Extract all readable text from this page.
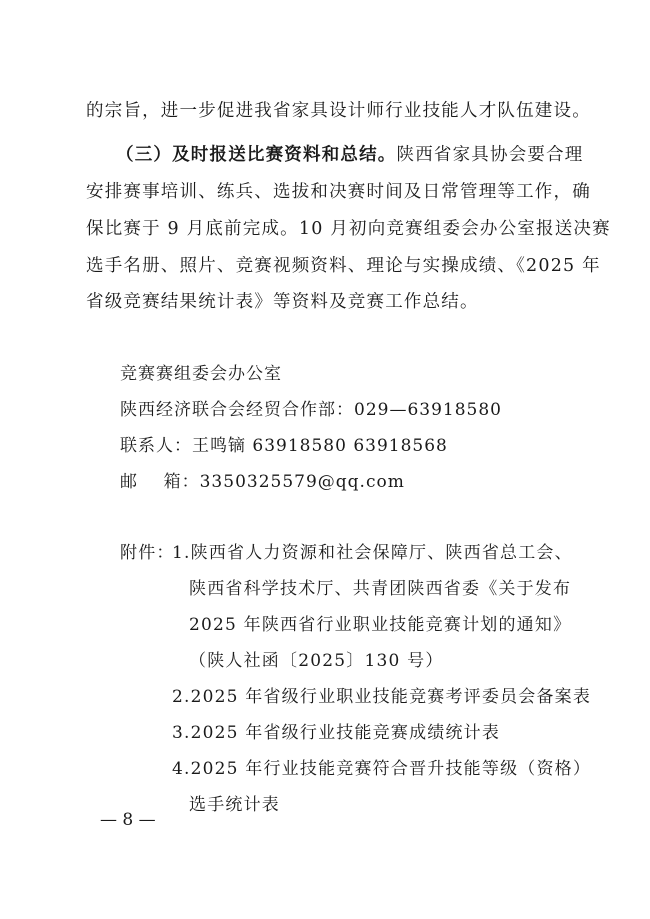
的宗旨，进一步促进我省家具设计师行业技能人才队伍建设。
（三）及时报送比赛资料和总结。陕西省家具协会要合理
安排赛事培训、练兵、选拔和决赛时间及日常管理等工作，确
保比赛于 9 月底前完成。10 月初向竞赛组委会办公室报送决赛
选手名册、照片、竞赛视频资料、理论与实操成绩、《2025 年
省级竞赛结果统计表》等资料及竞赛工作总结。
竞赛赛组委会办公室
陕西经济联合会经贸合作部：029—63918580
联系人：王鸣镝 63918580 63918568
邮    箱：3350325579@qq.com
附件：
1.陕西省人力资源和社会保障厅、陕西省总工会、
陕西省科学技术厅、共青团陕西省委《关于发布
2025 年陕西省行业职业技能竞赛计划的通知》
（陕人社函〔2025〕130 号）
2.2025 年省级行业职业技能竞赛考评委员会备案表
3.2025 年省级行业技能竞赛成绩统计表
4.2025 年行业技能竞赛符合晋升技能等级（资格）
选手统计表
— 8 —
